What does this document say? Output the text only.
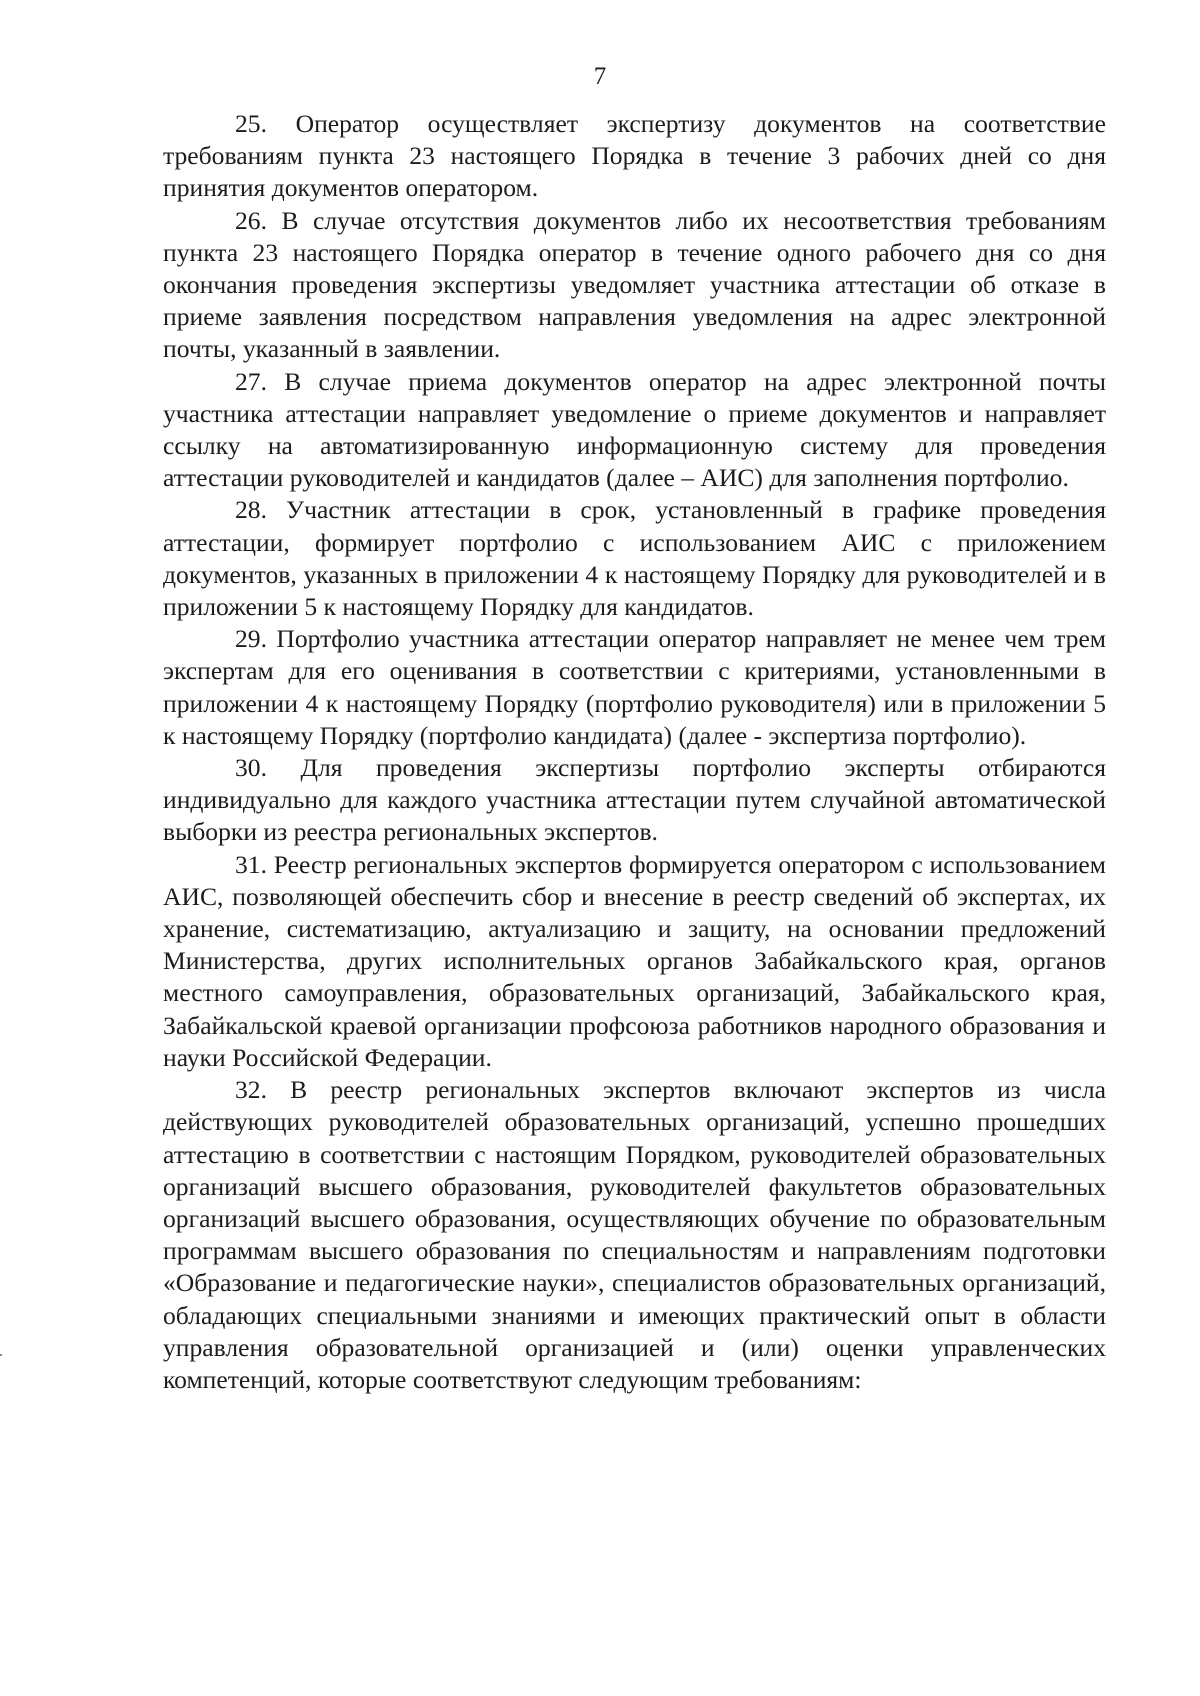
7

25. Оператор осуществляет экспертизу документов на соответствие требованиям пункта 23 настоящего Порядка в течение 3 рабочих дней со дня принятия документов оператором.

26. В случае отсутствия документов либо их несоответствия требованиям пункта 23 настоящего Порядка оператор в течение одного рабочего дня со дня окончания проведения экспертизы уведомляет участника аттестации об отказе в приеме заявления посредством направления уведомления на адрес электронной почты, указанный в заявлении.

27. В случае приема документов оператор на адрес электронной почты участника аттестации направляет уведомление о приеме документов и направляет ссылку на автоматизированную информационную систему для проведения аттестации руководителей и кандидатов (далее – АИС) для заполнения портфолио.

28. Участник аттестации в срок, установленный в графике проведения аттестации, формирует портфолио с использованием АИС с приложением документов, указанных в приложении 4 к настоящему Порядку для руководителей и в приложении 5 к настоящему Порядку для кандидатов.

29. Портфолио участника аттестации оператор направляет не менее чем трем экспертам для его оценивания в соответствии с критериями, установленными в приложении 4 к настоящему Порядку (портфолио руководителя) или в приложении 5 к настоящему Порядку (портфолио кандидата) (далее - экспертиза портфолио).

30. Для проведения экспертизы портфолио эксперты отбираются индивидуально для каждого участника аттестации путем случайной автоматической выборки из реестра региональных экспертов.

31. Реестр региональных экспертов формируется оператором с использованием АИС, позволяющей обеспечить сбор и внесение в реестр сведений об экспертах, их хранение, систематизацию, актуализацию и защиту, на основании предложений Министерства, других исполнительных органов Забайкальского края, органов местного самоуправления, образовательных организаций, Забайкальского края, Забайкальской краевой организации профсоюза работников народного образования и науки Российской Федерации.

32. В реестр региональных экспертов включают экспертов из числа действующих руководителей образовательных организаций, успешно прошедших аттестацию в соответствии с настоящим Порядком, руководителей образовательных организаций высшего образования, руководителей факультетов образовательных организаций высшего образования, осуществляющих обучение по образовательным программам высшего образования по специальностям и направлениям подготовки «Образование и педагогические науки», специалистов образовательных организаций, обладающих специальными знаниями и имеющих практический опыт в области управления образовательной организацией и (или) оценки управленческих компетенций, которые соответствуют следующим требованиям:
